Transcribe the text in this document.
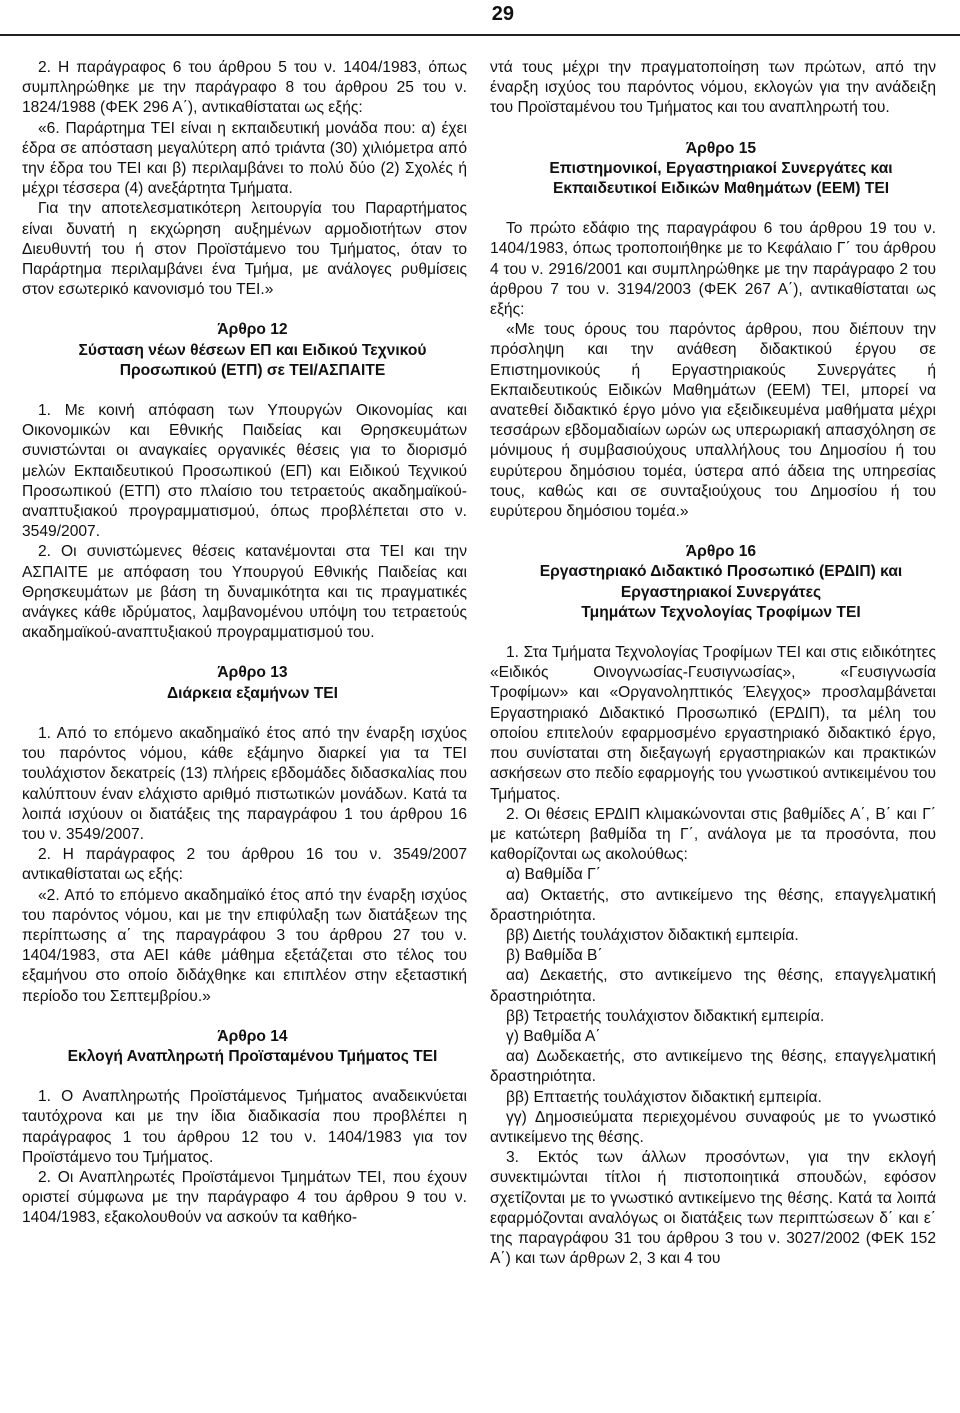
29

2. Η παράγραφος 6 του άρθρου 5 του ν. 1404/1983, όπως συμπληρώθηκε με την παράγραφο 8 του άρθρου 25 του ν. 1824/1988 (ΦΕΚ 296 Α΄), αντικαθίσταται ως εξής:

«6. Παράρτημα ΤΕΙ είναι η εκπαιδευτική μονάδα που: α) έχει έδρα σε απόσταση μεγαλύτερη από τριάντα (30) χιλιόμετρα από την έδρα του ΤΕΙ και β) περιλαμβάνει το πολύ δύο (2) Σχολές ή μέχρι τέσσερα (4) ανεξάρτητα Τμήματα.

Για την αποτελεσματικότερη λειτουργία του Παραρτήματος είναι δυνατή η εκχώρηση αυξημένων αρμοδιοτήτων στον Διευθυντή του ή στον Προϊστάμενο του Τμήματος, όταν το Παράρτημα περιλαμβάνει ένα Τμήμα, με ανάλογες ρυθμίσεις στον εσωτερικό κανονισμό του ΤΕΙ.»

Άρθρο 12

Σύσταση νέων θέσεων ΕΠ και Ειδικού Τεχνικού

Προσωπικού (ΕΤΠ) σε ΤΕΙ/ΑΣΠΑΙΤΕ

1. Με κοινή απόφαση των Υπουργών Οικονομίας και Οικονομικών και Εθνικής Παιδείας και Θρησκευμάτων συνιστώνται οι αναγκαίες οργανικές θέσεις για το διορισμό μελών Εκπαιδευτικού Προσωπικού (ΕΠ) και Ειδικού Τεχνικού Προσωπικού (ΕΤΠ) στο πλαίσιο του τετραετούς ακαδημαϊκού-αναπτυξιακού προγραμματισμού, όπως προβλέπεται στο ν. 3549/2007.

2. Οι συνιστώμενες θέσεις κατανέμονται στα ΤΕΙ και την ΑΣΠΑΙΤΕ με απόφαση του Υπουργού Εθνικής Παιδείας και Θρησκευμάτων με βάση τη δυναμικότητα και τις πραγματικές ανάγκες κάθε ιδρύματος, λαμβανομένου υπόψη του τετραετούς ακαδημαϊκού-αναπτυξιακού προγραμματισμού του.

Άρθρο 13

Διάρκεια εξαμήνων ΤΕΙ

1. Από το επόμενο ακαδημαϊκό έτος από την έναρξη ισχύος του παρόντος νόμου, κάθε εξάμηνο διαρκεί για τα ΤΕΙ τουλάχιστον δεκατρείς (13) πλήρεις εβδομάδες διδασκαλίας που καλύπτουν έναν ελάχιστο αριθμό πιστωτικών μονάδων. Κατά τα λοιπά ισχύουν οι διατάξεις της παραγράφου 1 του άρθρου 16 του ν. 3549/2007.

2. Η παράγραφος 2 του άρθρου 16 του ν. 3549/2007 αντικαθίσταται ως εξής:

«2. Από το επόμενο ακαδημαϊκό έτος από την έναρξη ισχύος του παρόντος νόμου, και με την επιφύλαξη των διατάξεων της περίπτωσης α΄ της παραγράφου 3 του άρθρου 27 του ν. 1404/1983, στα ΑΕΙ κάθε μάθημα εξετάζεται στο τέλος του εξαμήνου στο οποίο διδάχθηκε και επιπλέον στην εξεταστική περίοδο του Σεπτεμβρίου.»

Άρθρο 14

Εκλογή Αναπληρωτή Προϊσταμένου Τμήματος ΤΕΙ

1. Ο Αναπληρωτής Προϊστάμενος Τμήματος αναδεικνύεται ταυτόχρονα και με την ίδια διαδικασία που προβλέπει η παράγραφος 1 του άρθρου 12 του ν. 1404/1983 για τον Προϊστάμενο του Τμήματος.

2. Οι Αναπληρωτές Προϊστάμενοι Τμημάτων ΤΕΙ, που έχουν οριστεί σύμφωνα με την παράγραφο 4 του άρθρου 9 του ν. 1404/1983, εξακολουθούν να ασκούν τα καθήκο-

ντά τους μέχρι την πραγματοποίηση των πρώτων, από την έναρξη ισχύος του παρόντος νόμου, εκλογών για την ανάδειξη του Προϊσταμένου του Τμήματος και του αναπληρωτή του.

Άρθρο 15

Επιστημονικοί, Εργαστηριακοί Συνεργάτες και

Εκπαιδευτικοί Ειδικών Μαθημάτων (ΕΕΜ) ΤΕΙ

Το πρώτο εδάφιο της παραγράφου 6 του άρθρου 19 του ν. 1404/1983, όπως τροποποιήθηκε με το Κεφάλαιο Γ΄ του άρθρου 4 του ν. 2916/2001 και συμπληρώθηκε με την παράγραφο 2 του άρθρου 7 του ν. 3194/2003 (ΦΕΚ 267 Α΄), αντικαθίσταται ως εξής:

«Με τους όρους του παρόντος άρθρου, που διέπουν την πρόσληψη και την ανάθεση διδακτικού έργου σε Επιστημονικούς ή Εργαστηριακούς Συνεργάτες ή Εκπαιδευτικούς Ειδικών Μαθημάτων (ΕΕΜ) ΤΕΙ, μπορεί να ανατεθεί διδακτικό έργο μόνο για εξειδικευμένα μαθήματα μέχρι τεσσάρων εβδομαδιαίων ωρών ως υπερωριακή απασχόληση σε μόνιμους ή συμβασιούχους υπαλλήλους του Δημοσίου ή του ευρύτερου δημόσιου τομέα, ύστερα από άδεια της υπηρεσίας τους, καθώς και σε συνταξιούχους του Δημοσίου ή του ευρύτερου δημόσιου τομέα.»

Άρθρο 16

Εργαστηριακό Διδακτικό Προσωπικό (ΕΡΔΙΠ) και

Εργαστηριακοί Συνεργάτες

Τμημάτων Τεχνολογίας Τροφίμων ΤΕΙ

1. Στα Τμήματα Τεχνολογίας Τροφίμων ΤΕΙ και στις ειδικότητες «Ειδικός Οινογνωσίας-Γευσιγνωσίας», «Γευσιγνωσία Τροφίμων» και «Οργανοληπτικός Έλεγχος» προσλαμβάνεται Εργαστηριακό Διδακτικό Προσωπικό (ΕΡΔΙΠ), τα μέλη του οποίου επιτελούν εφαρμοσμένο εργαστηριακό διδακτικό έργο, που συνίσταται στη διεξαγωγή εργαστηριακών και πρακτικών ασκήσεων στο πεδίο εφαρμογής του γνωστικού αντικειμένου του Τμήματος.

2. Οι θέσεις ΕΡΔΙΠ κλιμακώνονται στις βαθμίδες Α΄, Β΄ και Γ΄ με κατώτερη βαθμίδα τη Γ΄, ανάλογα με τα προσόντα, που καθορίζονται ως ακολούθως:

α) Βαθμίδα Γ΄

αα) Οκταετής, στο αντικείμενο της θέσης, επαγγελματική δραστηριότητα.

ββ) Διετής τουλάχιστον διδακτική εμπειρία.

β) Βαθμίδα Β΄

αα) Δεκαετής, στο αντικείμενο της θέσης, επαγγελματική δραστηριότητα.

ββ) Τετραετής τουλάχιστον διδακτική εμπειρία.

γ) Βαθμίδα Α΄

αα) Δωδεκαετής, στο αντικείμενο της θέσης, επαγγελματική δραστηριότητα.

ββ) Επταετής τουλάχιστον διδακτική εμπειρία.

γγ) Δημοσιεύματα περιεχομένου συναφούς με το γνωστικό αντικείμενο της θέσης.

3. Εκτός των άλλων προσόντων, για την εκλογή συνεκτιμώνται τίτλοι ή πιστοποιητικά σπουδών, εφόσον σχετίζονται με το γνωστικό αντικείμενο της θέσης. Κατά τα λοιπά εφαρμόζονται αναλόγως οι διατάξεις των περιπτώσεων δ΄ και ε΄ της παραγράφου 31 του άρθρου 3 του ν. 3027/2002 (ΦΕΚ 152 Α΄) και των άρθρων 2, 3 και 4 του
